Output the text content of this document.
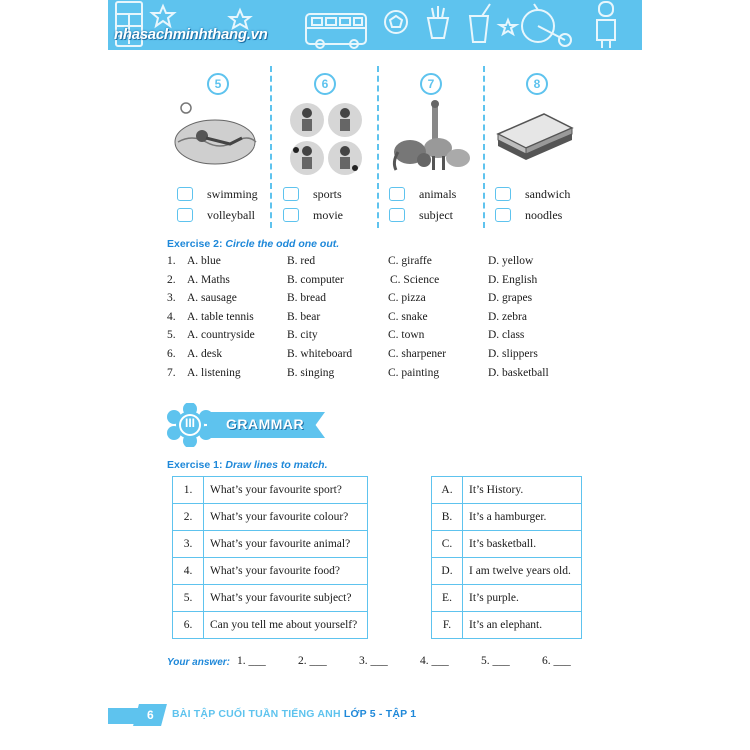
nhasachminhthang.vn
5
swimming
volleyball
6
sports
movie
7
animals
subject
8
sandwich
noodles
Exercise 2: Circle the odd one out.
1. A. blue	B. red	C. giraffe	D. yellow
2. A. Maths	B. computer	C. Science	D. English
3. A. sausage	B. bread	C. pizza	D. grapes
4. A. table tennis	B. bear	C. snake	D. zebra
5. A. countryside	B. city	C. town	D. class
6. A. desk	B. whiteboard	C. sharpener	D. slippers
7. A. listening	B. singing	C. painting	D. basketball
III	GRAMMAR
Exercise 1: Draw lines to match.
1.	What’s your favourite sport?
2.	What’s your favourite colour?
3.	What’s your favourite animal?
4.	What’s your favourite food?
5.	What’s your favourite subject?
6.	Can you tell me about yourself?
A.	It’s History.
B.	It’s a hamburger.
C.	It’s basketball.
D.	I am twelve years old.
E.	It’s purple.
F.	It’s an elephant.
Your answer: 1. ___	2. ___	3. ___	4. ___	5. ___	6. ___
6 BÀI TẬP CUỐI TUẦN TIẾNG ANH LỚP 5 - TẬP 1
